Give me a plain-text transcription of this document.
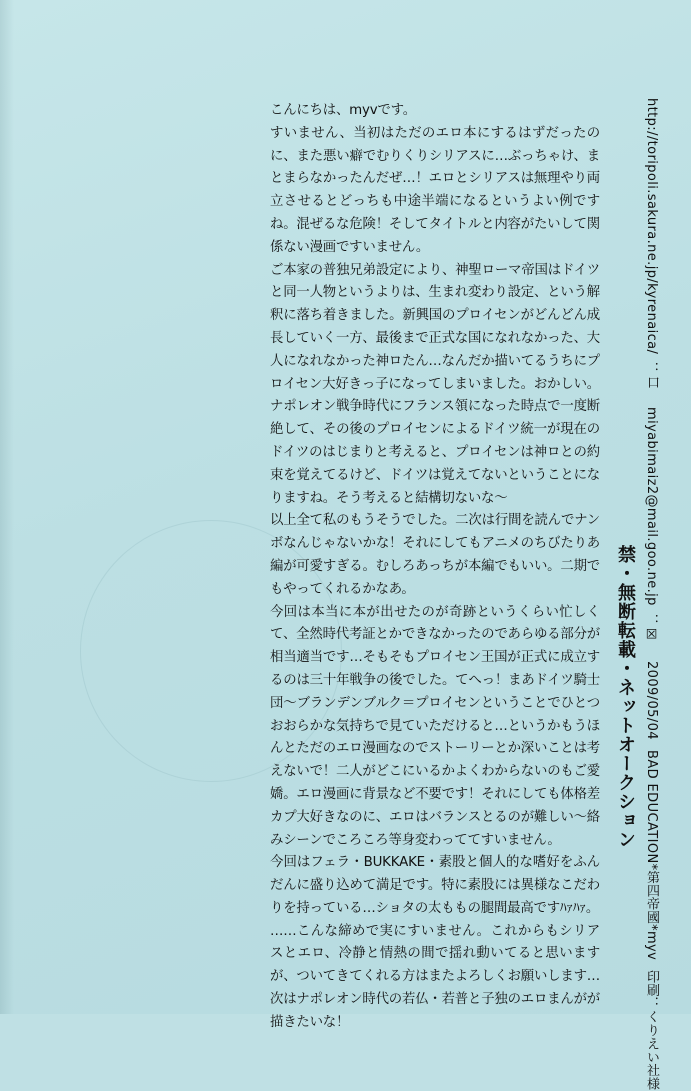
こんにちは、myvです。

すいません、当初はただのエロ本にするはずだったのに、また悪い癖でむりくりシリアスに…ぶっちゃけ、まとまらなかったんだぜ…！エロとシリアスは無理やり両立させるとどっちも中途半端になるというよい例ですね。混ぜるな危険！そしてタイトルと内容がたいして関係ない漫画ですいません。

ご本家の普独兄弟設定により、神聖ローマ帝国はドイツと同一人物というよりは、生まれ変わり設定、という解釈に落ち着きました。新興国のプロイセンがどんどん成長していく一方、最後まで正式な国になれなかった、大人になれなかった神ロたん…なんだか描いてるうちにプロイセン大好きっ子になってしまいました。おかしい。ナポレオン戦争時代にフランス領になった時点で一度断絶して、その後のプロイセンによるドイツ統一が現在のドイツのはじまりと考えると、プロイセンは神ロとの約束を覚えてるけど、ドイツは覚えてないということになりますね。そう考えると結構切ないな～

以上全て私のもうそうでした。二次は行間を読んでナンボなんじゃないかな！それにしてもアニメのちびたりあ編が可愛すぎる。むしろあっちが本編でもいい。二期でもやってくれるかなあ。

今回は本当に本が出せたのが奇跡というくらい忙しくて、全然時代考証とかできなかったのであらゆる部分が相当適当です…そもそもプロイセン王国が正式に成立するのは三十年戦争の後でした。てへっ！まあドイツ騎士団～ブランデンブルク＝プロイセンということでひとつおおらかな気持ちで見ていただけると…というかもうほんとただのエロ漫画なのでストーリーとか深いことは考えないで！二人がどこにいるかよくわからないのもご愛嬌。エロ漫画に背景など不要です！それにしても体格差カプ大好きなのに、エロはバランスとるのが難しい～絡みシーンでころころ等身変わっててすいません。

今回はフェラ・BUKKAKE・素股と個人的な嗜好をふんだんに盛り込めて満足です。特に素股には異様なこだわりを持っている…ショタの太ももの腿間最高ですﾊｧﾊｧ。

……こんな締めで実にすいません。これからもシリアスとエロ、冷静と情熱の間で揺れ動いてると思いますが、ついてきてくれる方はまたよろしくお願いします…次はナポレオン時代の若仏・若普と子独のエロまんがが描きたいな！

http://toripoli.sakura.ne.jp/kyrenaica/：口miyabimaiz2@mail.goo.ne.jp：☒2009/05/04BAD EDUCATION*第四帝國*myv印刷：くりえい社様
禁・無断転載・ネットオークション
